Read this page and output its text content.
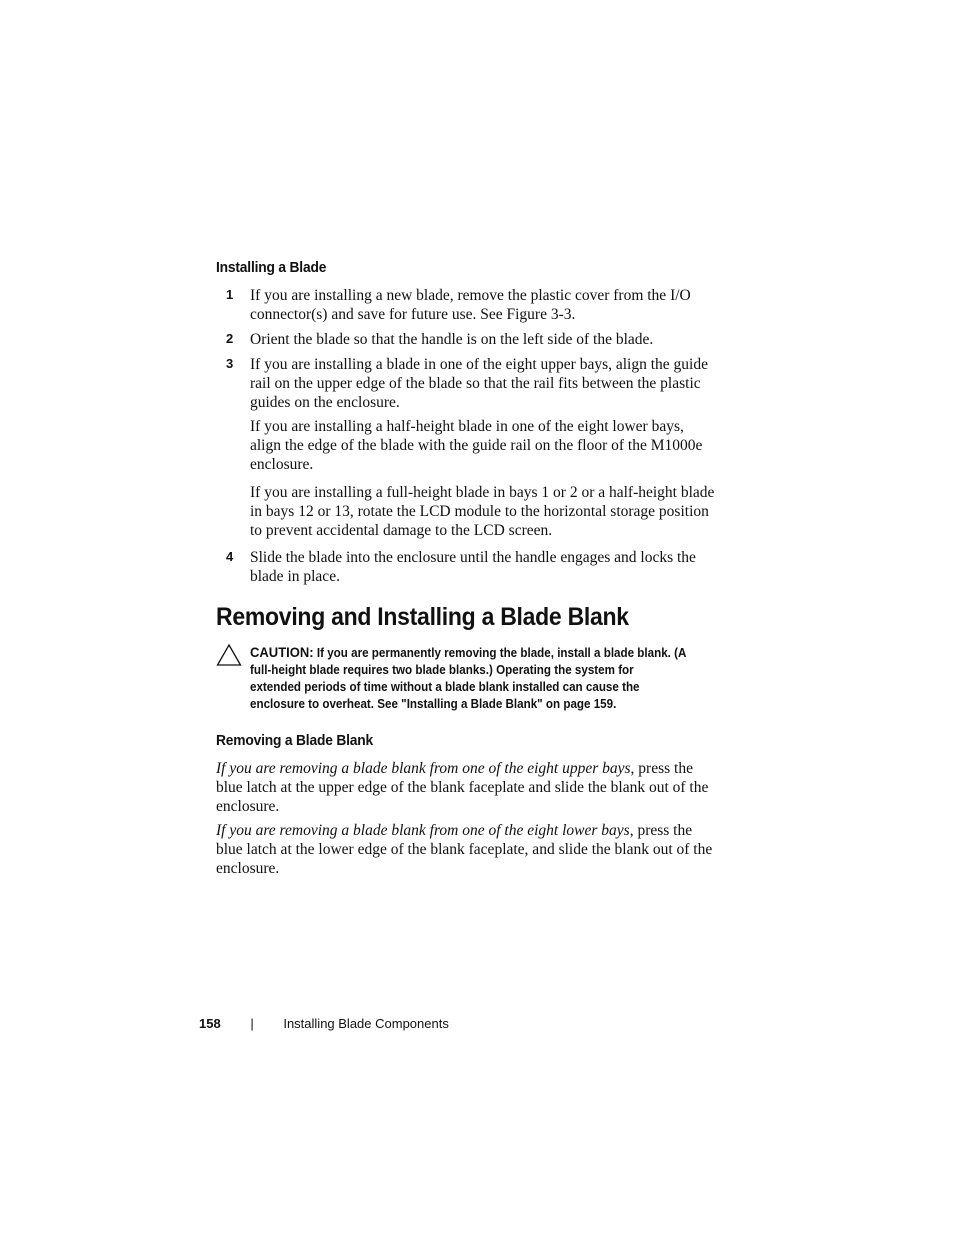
Installing a Blade
1 If you are installing a new blade, remove the plastic cover from the I/O connector(s) and save for future use. See Figure 3-3.
2 Orient the blade so that the handle is on the left side of the blade.
3 If you are installing a blade in one of the eight upper bays, align the guide rail on the upper edge of the blade so that the rail fits between the plastic guides on the enclosure.
If you are installing a half-height blade in one of the eight lower bays, align the edge of the blade with the guide rail on the floor of the M1000e enclosure.
If you are installing a full-height blade in bays 1 or 2 or a half-height blade in bays 12 or 13, rotate the LCD module to the horizontal storage position to prevent accidental damage to the LCD screen.
4 Slide the blade into the enclosure until the handle engages and locks the blade in place.
Removing and Installing a Blade Blank
CAUTION: If you are permanently removing the blade, install a blade blank. (A full-height blade requires two blade blanks.) Operating the system for extended periods of time without a blade blank installed can cause the enclosure to overheat. See "Installing a Blade Blank" on page 159.
Removing a Blade Blank
If you are removing a blade blank from one of the eight upper bays, press the blue latch at the upper edge of the blank faceplate and slide the blank out of the enclosure.
If you are removing a blade blank from one of the eight lower bays, press the blue latch at the lower edge of the blank faceplate, and slide the blank out of the enclosure.
158 | Installing Blade Components
